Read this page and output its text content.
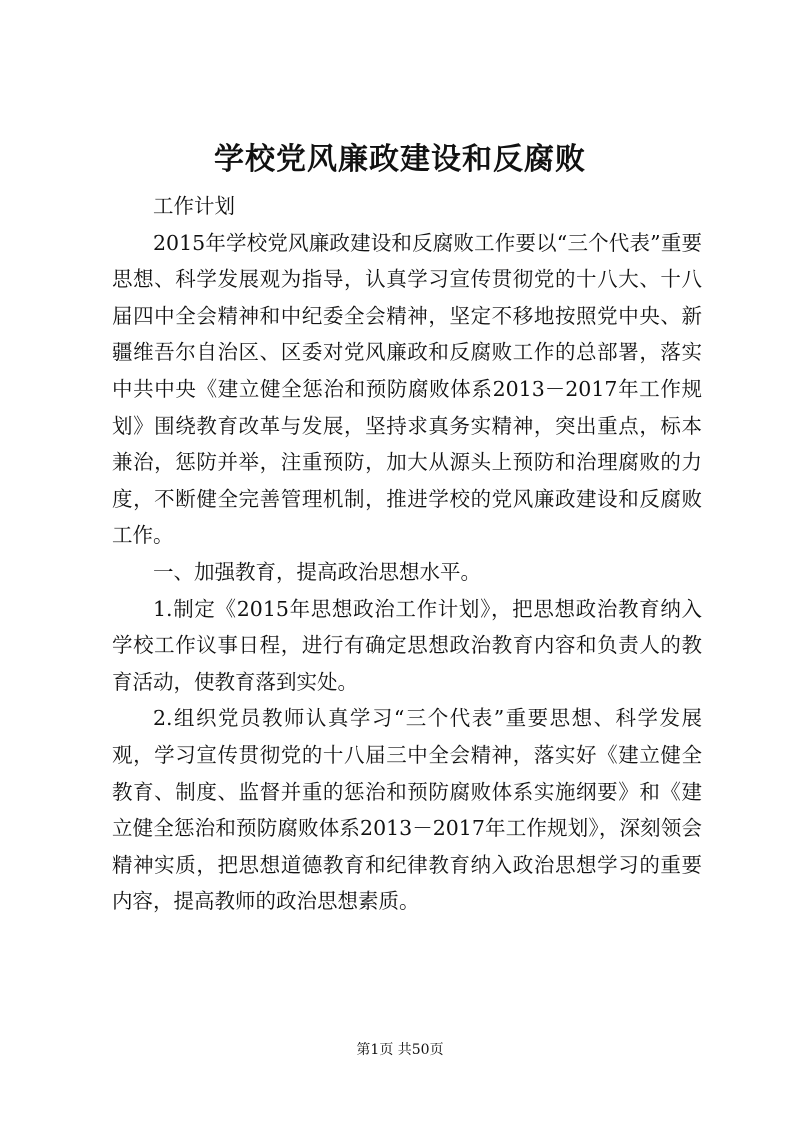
学校党风廉政建设和反腐败

工作计划

2015年学校党风廉政建设和反腐败工作要以“三个代表”重要思想、科学发展观为指导，认真学习宣传贯彻党的十八大、十八届四中全会精神和中纪委全会精神，坚定不移地按照党中央、新疆维吾尔自治区、区委对党风廉政和反腐败工作的总部署，落实中共中央《建立健全惩治和预防腐败体系2013－2017年工作规划》围绕教育改革与发展，坚持求真务实精神，突出重点，标本兼治，惩防并举，注重预防，加大从源头上预防和治理腐败的力度，不断健全完善管理机制，推进学校的党风廉政建设和反腐败工作。

一、加强教育，提高政治思想水平。

1.制定《2015年思想政治工作计划》，把思想政治教育纳入学校工作议事日程，进行有确定思想政治教育内容和负责人的教育活动，使教育落到实处。

2.组织党员教师认真学习“三个代表”重要思想、科学发展观，学习宣传贯彻党的十八届三中全会精神，落实好《建立健全教育、制度、监督并重的惩治和预防腐败体系实施纲要》和《建立健全惩治和预防腐败体系2013－2017年工作规划》，深刻领会精神实质，把思想道德教育和纪律教育纳入政治思想学习的重要内容，提高教师的政治思想素质。

第1页 共50页
